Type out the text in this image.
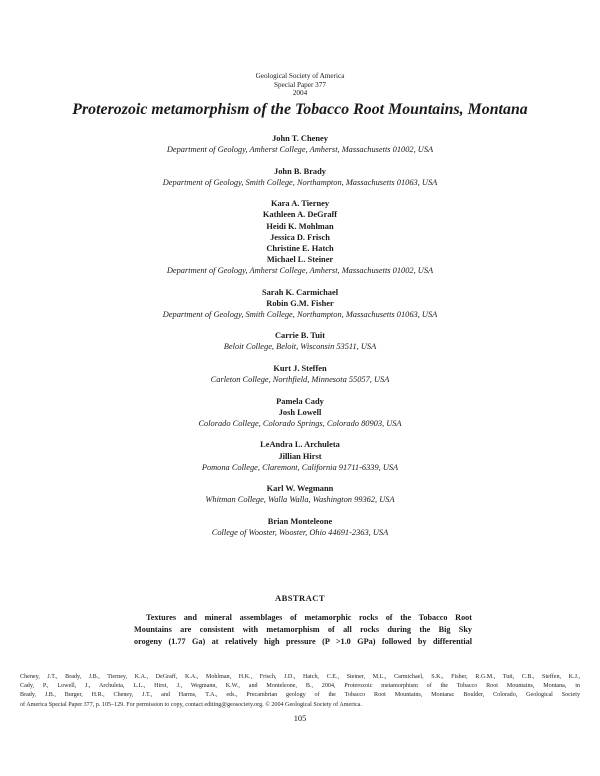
Geological Society of America
Special Paper 377
2004
Proterozoic metamorphism of the Tobacco Root Mountains, Montana
John T. Cheney
Department of Geology, Amherst College, Amherst, Massachusetts 01002, USA
John B. Brady
Department of Geology, Smith College, Northampton, Massachusetts 01063, USA
Kara A. Tierney
Kathleen A. DeGraff
Heidi K. Mohlman
Jessica D. Frisch
Christine E. Hatch
Michael L. Steiner
Department of Geology, Amherst College, Amherst, Massachusetts 01002, USA
Sarah K. Carmichael
Robin G.M. Fisher
Department of Geology, Smith College, Northampton, Massachusetts 01063, USA
Carrie B. Tuit
Beloit College, Beloit, Wisconsin 53511, USA
Kurt J. Steffen
Carleton College, Northfield, Minnesota 55057, USA
Pamela Cady
Josh Lowell
Colorado College, Colorado Springs, Colorado 80903, USA
LeAndra L. Archuleta
Jillian Hirst
Pomona College, Claremont, California 91711-6339, USA
Karl W. Wegmann
Whitman College, Walla Walla, Washington 99362, USA
Brian Monteleone
College of Wooster, Wooster, Ohio 44691-2363, USA
ABSTRACT
Textures and mineral assemblages of metamorphic rocks of the Tobacco Root
Mountains are consistent with metamorphism of all rocks during the Big Sky
orogeny (1.77 Ga) at relatively high pressure (P >1.0 GPa) followed by differential
Cheney, J.T., Brady, J.B., Tierney, K.A., DeGraff, K.A., Mohlman, H.K., Frisch, J.D., Hatch, C.E., Steiner, M.L., Carmichael, S.K., Fisher, R.G.M., Tuit, C.B., Steffen, K.J.,
Cady, P., Lowell, J., Archuleta, L.L., Hirst, J., Wegmann, K.W., and Monteleone, B., 2004, Proterozoic metamorphism of the Tobacco Root Mountains, Montana, in
Brady, J.B., Burger, H.R., Cheney, J.T., and Harms, T.A., eds., Precambrian geology of the Tobacco Root Mountains, Montana: Boulder, Colorado, Geological Society
of America Special Paper 377, p. 105–129. For permission to copy, contact editing@geosociety.org. © 2004 Geological Society of America.
105
